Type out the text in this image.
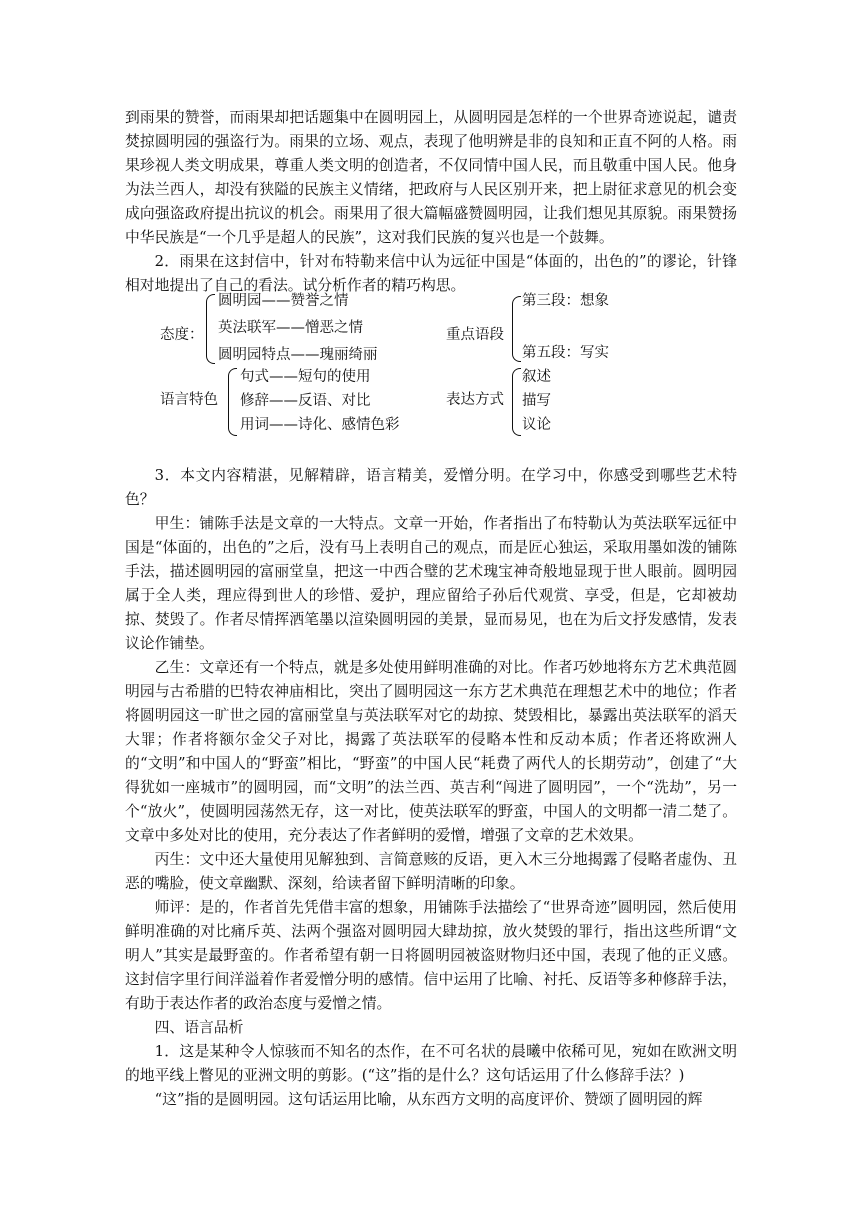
到雨果的赞誉，而雨果却把话题集中在圆明园上，从圆明园是怎样的一个世界奇迹说起，谴责焚掠圆明园的强盗行为。雨果的立场、观点，表现了他明辨是非的良知和正直不阿的人格。雨果珍视人类文明成果，尊重人类文明的创造者，不仅同情中国人民，而且敬重中国人民。他身为法兰西人，却没有狭隘的民族主义情绪，把政府与人民区别开来，把上尉征求意见的机会变成向强盗政府提出抗议的机会。雨果用了很大篇幅盛赞圆明园，让我们想见其原貌。雨果赞扬中华民族是“一个几乎是超人的民族”，这对我们民族的复兴也是一个鼓舞。

2．雨果在这封信中，针对布特勒来信中认为远征中国是“体面的，出色的”的谬论，针锋相对地提出了自己的看法。试分析作者的精巧构思。

态度：
圆明园——赞誉之情
英法联军——憎恶之情
圆明园特点——瑰丽绮丽
重点语段
第三段：想象
第五段：写实
语言特色
句式——短句的使用
修辞——反语、对比
用词——诗化、感情色彩
表达方式
叙述
描写
议论

3．本文内容精湛，见解精辟，语言精美，爱憎分明。在学习中，你感受到哪些艺术特色？

甲生：铺陈手法是文章的一大特点。文章一开始，作者指出了布特勒认为英法联军远征中国是“体面的，出色的”之后，没有马上表明自己的观点，而是匠心独运，采取用墨如泼的铺陈手法，描述圆明园的富丽堂皇，把这一中西合璧的艺术瑰宝神奇般地显现于世人眼前。圆明园属于全人类，理应得到世人的珍惜、爱护，理应留给子孙后代观赏、享受，但是，它却被劫掠、焚毁了。作者尽情挥洒笔墨以渲染圆明园的美景，显而易见，也在为后文抒发感情，发表议论作铺垫。

乙生：文章还有一个特点，就是多处使用鲜明准确的对比。作者巧妙地将东方艺术典范圆明园与古希腊的巴特农神庙相比，突出了圆明园这一东方艺术典范在理想艺术中的地位；作者将圆明园这一旷世之园的富丽堂皇与英法联军对它的劫掠、焚毁相比，暴露出英法联军的滔天大罪；作者将额尔金父子对比，揭露了英法联军的侵略本性和反动本质；作者还将欧洲人的“文明”和中国人的“野蛮”相比，“野蛮”的中国人民“耗费了两代人的长期劳动”，创建了“大得犹如一座城市”的圆明园，而“文明”的法兰西、英吉利“闯进了圆明园”，一个“洗劫”，另一个“放火”，使圆明园荡然无存，这一对比，使英法联军的野蛮，中国人的文明都一清二楚了。文章中多处对比的使用，充分表达了作者鲜明的爱憎，增强了文章的艺术效果。

丙生：文中还大量使用见解独到、言简意赅的反语，更入木三分地揭露了侵略者虚伪、丑恶的嘴脸，使文章幽默、深刻，给读者留下鲜明清晰的印象。

师评：是的，作者首先凭借丰富的想象，用铺陈手法描绘了“世界奇迹”圆明园，然后使用鲜明准确的对比痛斥英、法两个强盗对圆明园大肆劫掠，放火焚毁的罪行，指出这些所谓“文明人”其实是最野蛮的。作者希望有朝一日将圆明园被盗财物归还中国，表现了他的正义感。这封信字里行间洋溢着作者爱憎分明的感情。信中运用了比喻、衬托、反语等多种修辞手法，有助于表达作者的政治态度与爱憎之情。

四、语言品析

1．这是某种令人惊骇而不知名的杰作，在不可名状的晨曦中依稀可见，宛如在欧洲文明的地平线上瞥见的亚洲文明的剪影。(“这”指的是什么？这句话运用了什么修辞手法？)

“这”指的是圆明园。这句话运用比喻，从东西方文明的高度评价、赞颂了圆明园的辉
